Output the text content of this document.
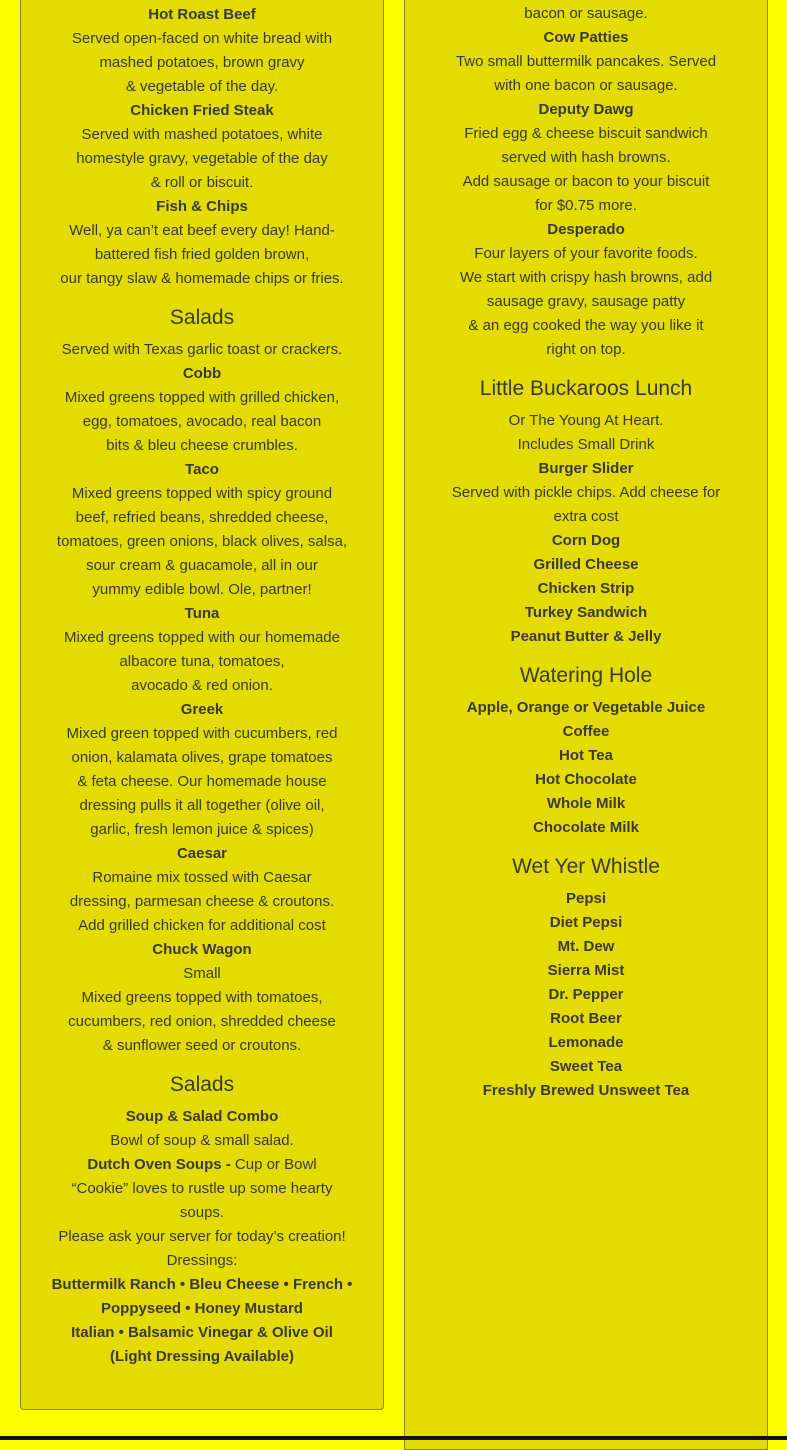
Hot Roast Beef

Served open-faced on white bread with

mashed potatoes, brown gravy

& vegetable of the day.

Chicken Fried Steak

Served with mashed potatoes, white

homestyle gravy, vegetable of the day

& roll or biscuit.

Fish & Chips

Well, ya can’t eat beef every day! Hand-

battered fish fried golden brown,

our tangy slaw & homemade chips or fries.

Salads

Served with Texas garlic toast or crackers.

Cobb

Mixed greens topped with grilled chicken,

egg, tomatoes, avocado, real bacon

bits & bleu cheese crumbles.

Taco

Mixed greens topped with spicy ground

beef, refried beans, shredded cheese,

tomatoes, green onions, black olives, salsa,

sour cream & guacamole, all in our

yummy edible bowl. Ole, partner!

Tuna

Mixed greens topped with our homemade

albacore tuna, tomatoes,

avocado & red onion.

Greek

Mixed green topped with cucumbers, red

onion, kalamata olives, grape tomatoes

& feta cheese. Our homemade house

dressing pulls it all together (olive oil,

garlic, fresh lemon juice & spices)

Caesar

Romaine mix tossed with Caesar

dressing, parmesan cheese & croutons.

Add grilled chicken for additional cost

Chuck Wagon

Small

Mixed greens topped with tomatoes,

cucumbers, red onion, shredded cheese

& sunflower seed or croutons.

Salads

Soup & Salad Combo

Bowl of soup & small salad.

Dutch Oven Soups - Cup or Bowl

“Cookie” loves to rustle up some hearty

soups.

Please ask your server for today’s creation!

Dressings:

Buttermilk Ranch • Bleu Cheese • French •

Poppyseed • Honey Mustard

Italian • Balsamic Vinegar & Olive Oil

(Light Dressing Available)

bacon or sausage.

Cow Patties

Two small buttermilk pancakes. Served

with one bacon or sausage.

Deputy Dawg

Fried egg & cheese biscuit sandwich

served with hash browns.

Add sausage or bacon to your biscuit

for $0.75 more.

Desperado

Four layers of your favorite foods.

We start with crispy hash browns, add

sausage gravy, sausage patty

& an egg cooked the way you like it

right on top.

Little Buckaroos Lunch

Or The Young At Heart.

Includes Small Drink

Burger Slider

Served with pickle chips. Add cheese for

extra cost

Corn Dog

Grilled Cheese

Chicken Strip

Turkey Sandwich

Peanut Butter & Jelly

Watering Hole

Apple, Orange or Vegetable Juice

Coffee

Hot Tea

Hot Chocolate

Whole Milk

Chocolate Milk

Wet Yer Whistle

Pepsi

Diet Pepsi

Mt. Dew

Sierra Mist

Dr. Pepper

Root Beer

Lemonade

Sweet Tea

Freshly Brewed Unsweet Tea
